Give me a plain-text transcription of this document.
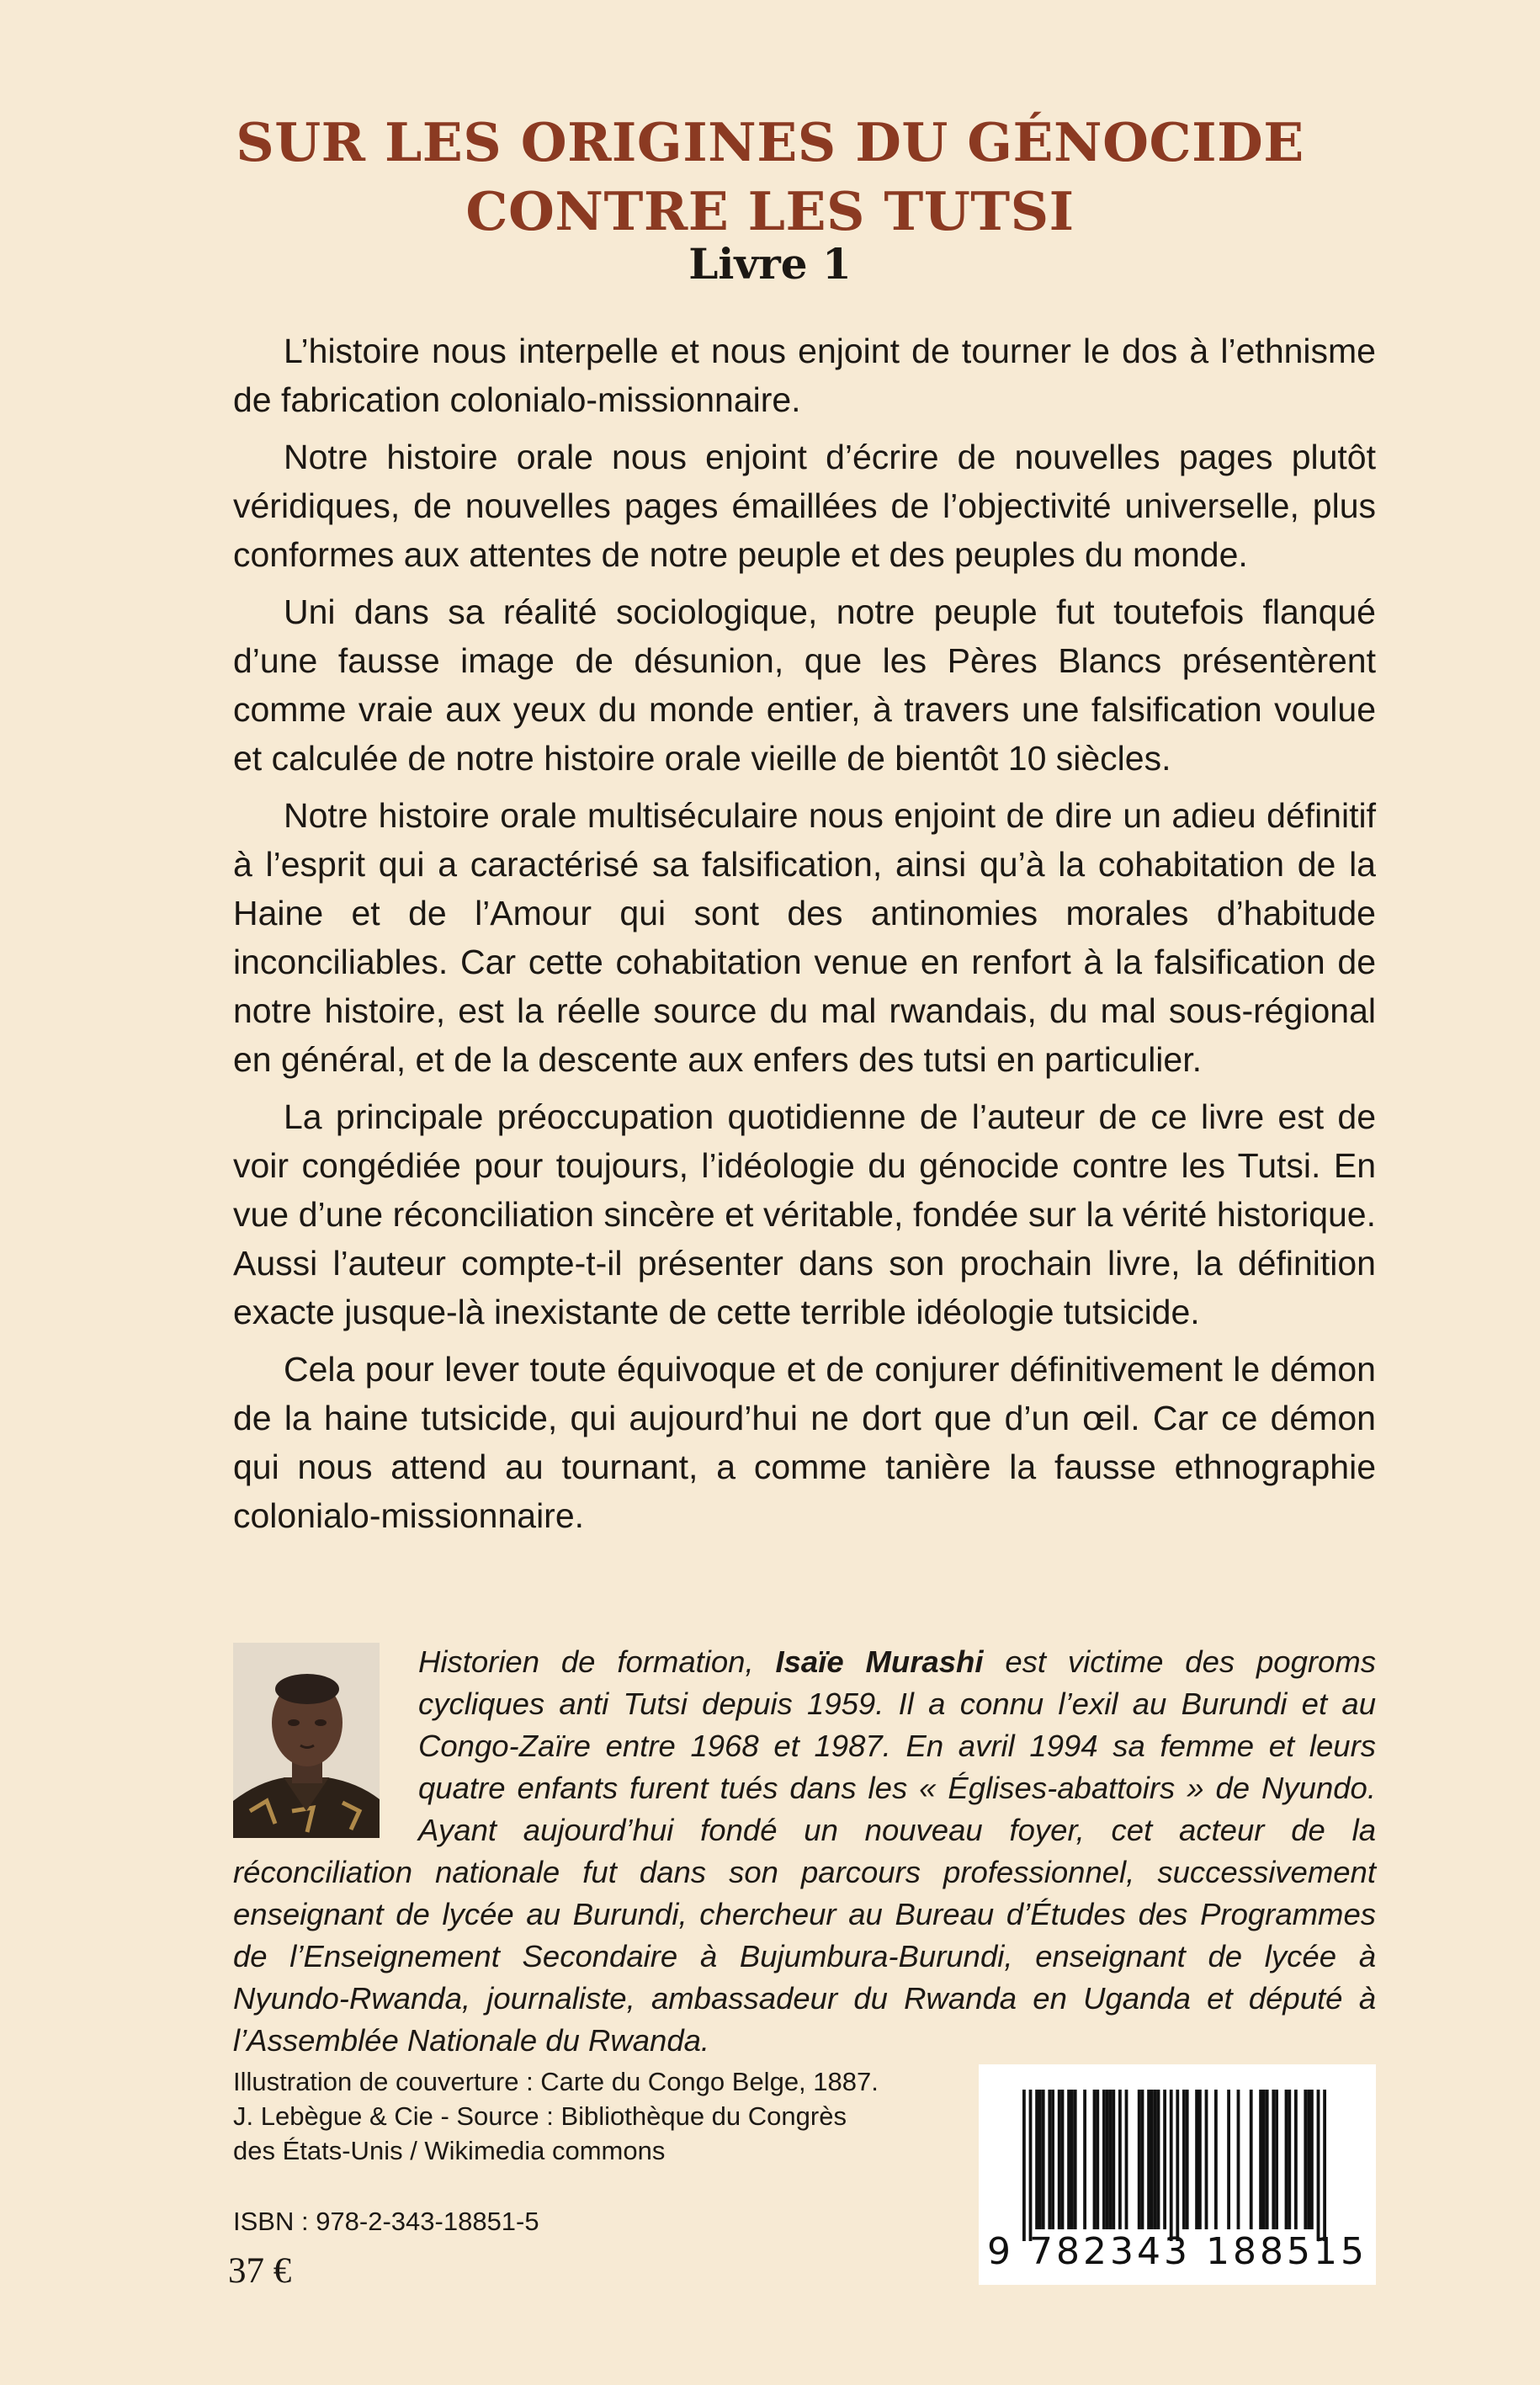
SUR LES ORIGINES DU GÉNOCIDE
CONTRE LES TUTSI
Livre 1

L’histoire nous interpelle et nous enjoint de tourner le dos à l’ethnisme de fabrication colonialo-missionnaire.

Notre histoire orale nous enjoint d’écrire de nouvelles pages plutôt véridiques, de nouvelles pages émaillées de l’objectivité universelle, plus conformes aux attentes de notre peuple et des peuples du monde.

Uni dans sa réalité sociologique, notre peuple fut toutefois flanqué d’une fausse image de désunion, que les Pères Blancs présentèrent comme vraie aux yeux du monde entier, à travers une falsification voulue et calculée de notre histoire orale vieille de bientôt 10 siècles.

Notre histoire orale multiséculaire nous enjoint de dire un adieu définitif à l’esprit qui a caractérisé sa falsification, ainsi qu’à la cohabitation de la Haine et de l’Amour qui sont des antinomies morales d’habitude inconciliables. Car cette cohabitation venue en renfort à la falsification de notre histoire, est la réelle source du mal rwandais, du mal sous-régional en général, et de la descente aux enfers des tutsi en particulier.

La principale préoccupation quotidienne de l’auteur de ce livre est de voir congédiée pour toujours, l’idéologie du génocide contre les Tutsi. En vue d’une réconciliation sincère et véritable, fondée sur la vérité historique. Aussi l’auteur compte-t-il présenter dans son prochain livre, la définition exacte jusque-là inexistante de cette terrible idéologie tutsicide.

Cela pour lever toute équivoque et de conjurer définitivement le démon de la haine tutsicide, qui aujourd’hui ne dort que d’un œil. Car ce démon qui nous attend au tournant, a comme tanière la fausse ethnographie colonialo-missionnaire.

Historien de formation, Isaïe Murashi est victime des pogroms cycliques anti Tutsi depuis 1959. Il a connu l’exil au Burundi et au Congo-Zaïre entre 1968 et 1987. En avril 1994 sa femme et leurs quatre enfants furent tués dans les « Églises-abattoirs » de Nyundo. Ayant aujourd’hui fondé un nouveau foyer, cet acteur de la réconciliation nationale fut dans son parcours professionnel, successivement enseignant de lycée au Burundi, chercheur au Bureau d’Études des Programmes de l’Enseignement Secondaire à Bujumbura-Burundi, enseignant de lycée à Nyundo-Rwanda, journaliste, ambassadeur du Rwanda en Uganda et député à l’Assemblée Nationale du Rwanda.
Illustration de couverture : Carte du Congo Belge, 1887.
J. Lebègue & Cie - Source : Bibliothèque du Congrès
des États-Unis / Wikimedia commons
ISBN : 978-2-343-18851-5
37 €	9 782343 188515
